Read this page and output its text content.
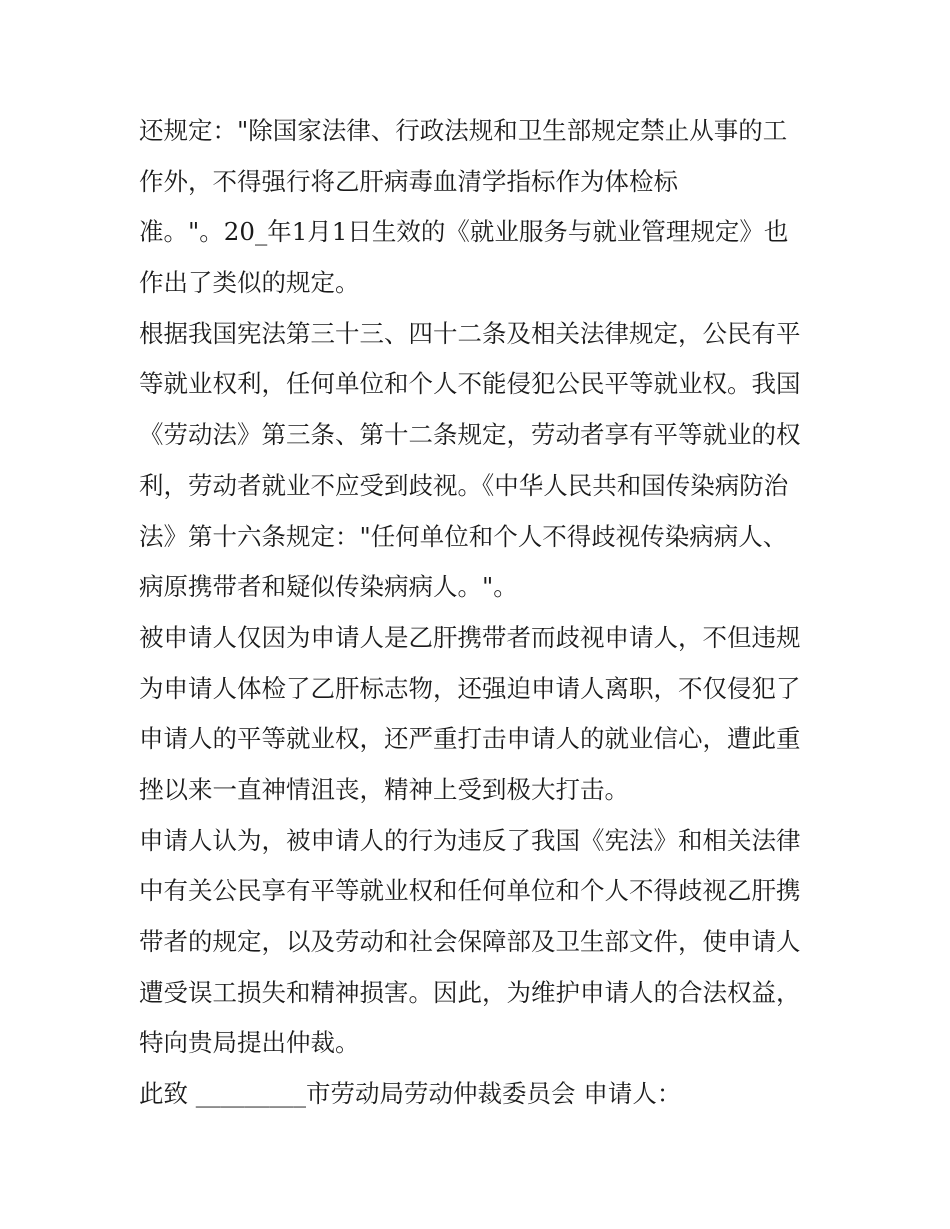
还规定："除国家法律、行政法规和卫生部规定禁止从事的工

作外，不得强行将乙肝病毒血清学指标作为体检标

准。"。20_年1月1日生效的《就业服务与就业管理规定》也

作出了类似的规定。

根据我国宪法第三十三、四十二条及相关法律规定，公民有平

等就业权利，任何单位和个人不能侵犯公民平等就业权。我国

《劳动法》第三条、第十二条规定，劳动者享有平等就业的权

利，劳动者就业不应受到歧视。《中华人民共和国传染病防治

法》第十六条规定："任何单位和个人不得歧视传染病病人、

病原携带者和疑似传染病病人。"。

被申请人仅因为申请人是乙肝携带者而歧视申请人，不但违规

为申请人体检了乙肝标志物，还强迫申请人离职，不仅侵犯了

申请人的平等就业权，还严重打击申请人的就业信心，遭此重

挫以来一直神情沮丧，精神上受到极大打击。

申请人认为，被申请人的行为违反了我国《宪法》和相关法律

中有关公民享有平等就业权和任何单位和个人不得歧视乙肝携

带者的规定，以及劳动和社会保障部及卫生部文件，使申请人

遭受误工损失和精神损害。因此，为维护申请人的合法权益，

特向贵局提出仲裁。

此致 _________市劳动局劳动仲裁委员会 申请人：
